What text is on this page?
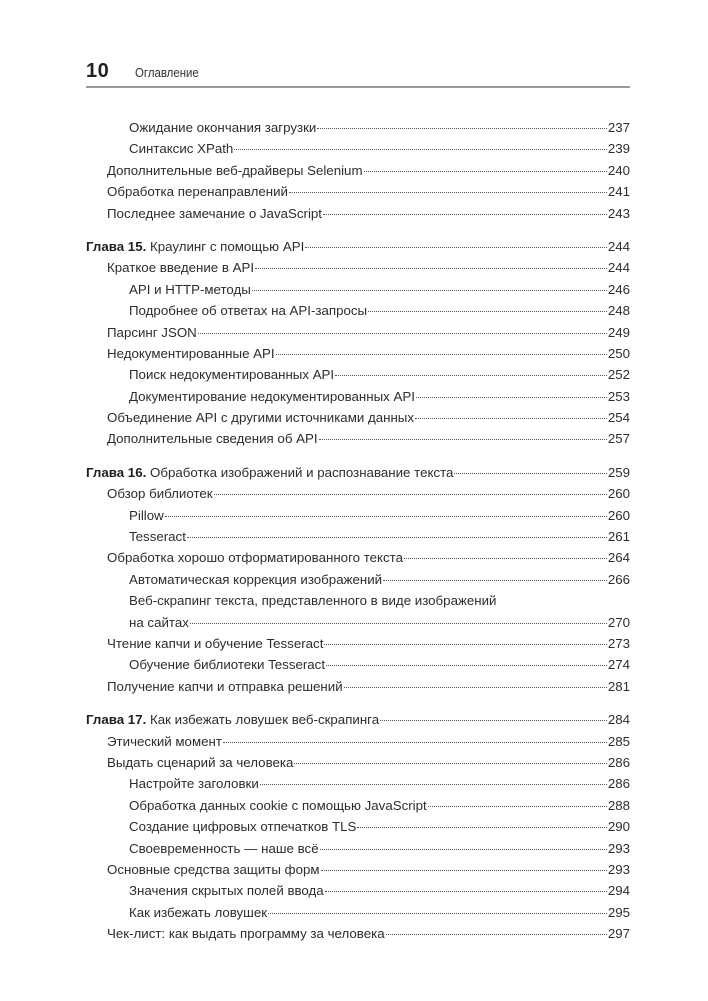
10 Оглавление
Ожидание окончания загрузки	237
Синтаксис XPath	239
Дополнительные веб-драйверы Selenium	240
Обработка перенаправлений	241
Последнее замечание о JavaScript	243
Глава 15. Краулинг с помощью API	244
Краткое введение в API	244
API и HTTP-методы	246
Подробнее об ответах на API-запросы	248
Парсинг JSON	249
Недокументированные API	250
Поиск недокументированных API	252
Документирование недокументированных API	253
Объединение API с другими источниками данных	254
Дополнительные сведения об API	257
Глава 16. Обработка изображений и распознавание текста	259
Обзор библиотек	260
Pillow	260
Tesseract	261
Обработка хорошо отформатированного текста	264
Автоматическая коррекция изображений	266
Веб-скрапинг текста, представленного в виде изображений
на сайтах	270
Чтение капчи и обучение Tesseract	273
Обучение библиотеки Tesseract	274
Получение капчи и отправка решений	281
Глава 17. Как избежать ловушек веб-скрапинга	284
Этический момент	285
Выдать сценарий за человека	286
Настройте заголовки	286
Обработка данных cookie с помощью JavaScript	288
Создание цифровых отпечатков TLS	290
Своевременность — наше всё	293
Основные средства защиты форм	293
Значения скрытых полей ввода	294
Как избежать ловушек	295
Чек-лист: как выдать программу за человека	297
